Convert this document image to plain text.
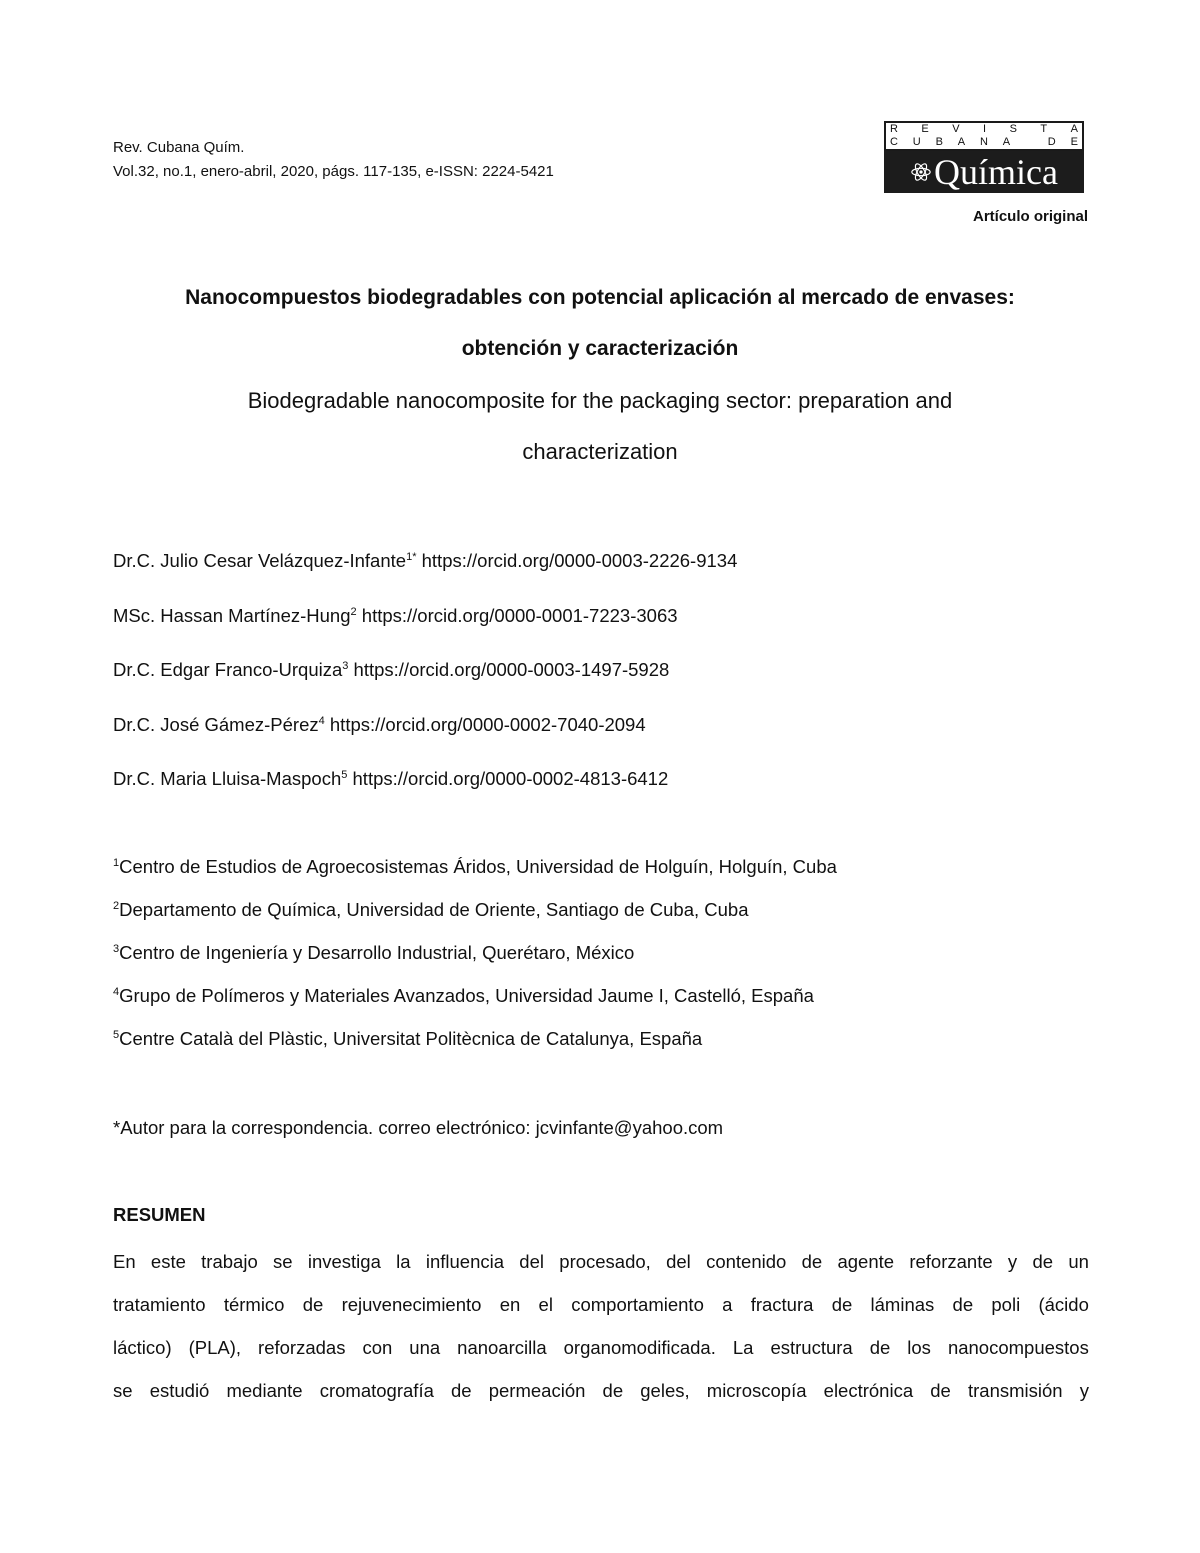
Rev. Cubana Quím.
Vol.32, no.1, enero-abril, 2020, págs. 117-135, e-ISSN: 2224-5421
R E V I S T A
C U B A N A	D E
Química
Artículo original
Nanocompuestos biodegradables con potencial aplicación al mercado de envases:
obtención y caracterización
Biodegradable nanocomposite for the packaging sector: preparation and
characterization
Dr.C. Julio Cesar Velázquez-Infante$^{1*}$ https://orcid.org/0000-0003-2226-9134
MSc. Hassan Martínez-Hung$^2$ https://orcid.org/0000-0001-7223-3063
Dr.C. Edgar Franco-Urquiza$^3$ https://orcid.org/0000-0003-1497-5928
Dr.C. José Gámez-Pérez$^4$ https://orcid.org/0000-0002-7040-2094
Dr.C. Maria Lluisa-Maspoch$^5$ https://orcid.org/0000-0002-4813-6412
$^1$Centro de Estudios de Agroecosistemas Áridos, Universidad de Holguín, Holguín, Cuba
$^2$Departamento de Química, Universidad de Oriente, Santiago de Cuba, Cuba
$^3$Centro de Ingeniería y Desarrollo Industrial, Querétaro, México
$^4$Grupo de Polímeros y Materiales Avanzados, Universidad Jaume I, Castelló, España
$^5$Centre Català del Plàstic, Universitat Politècnica de Catalunya, España
*Autor para la correspondencia. correo electrónico: jcvinfante@yahoo.com
RESUMEN
En este trabajo se investiga la influencia del procesado, del contenido de agente reforzante y de un
tratamiento térmico de rejuvenecimiento en el comportamiento a fractura de láminas de poli (ácido
láctico) (PLA), reforzadas con una nanoarcilla organomodificada. La estructura de los nanocompuestos
se estudió mediante cromatografía de permeación de geles, microscopía electrónica de transmisión y
